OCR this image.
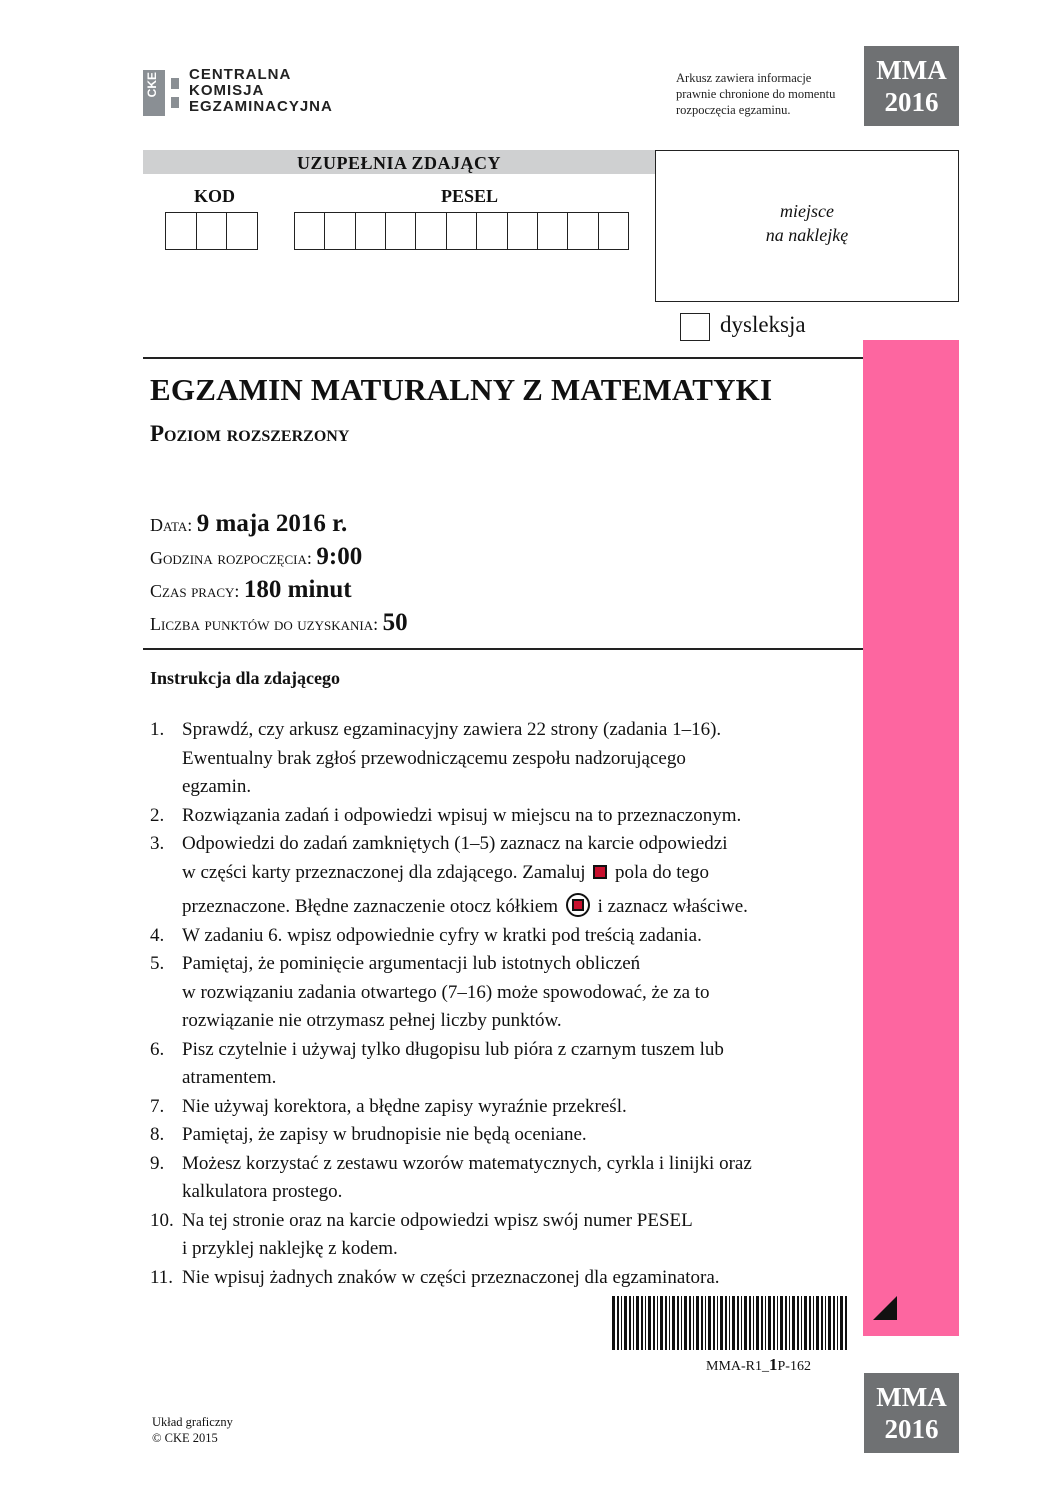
CKE CENTRALNA
KOMISJA
EGZAMINACYJNA
Arkusz zawiera informacje
prawnie chronione do momentu
rozpoczęcia egzaminu.
MMA
2016
UZUPEŁNIA ZDAJĄCY
KOD	PESEL
miejsce
na naklejkę
dysleksja
EGZAMIN MATURALNY Z MATEMATYKI
Poziom rozszerzony
Data: 9 maja 2016 r.
Godzina rozpoczęcia: 9:00
Czas pracy: 180 minut
Liczba punktów do uzyskania: 50
Instrukcja dla zdającego
1. Sprawdź, czy arkusz egzaminacyjny zawiera 22 strony (zadania 1–16).
Ewentualny brak zgłoś przewodniczącemu zespołu nadzorującego
egzamin.
2. Rozwiązania zadań i odpowiedzi wpisuj w miejscu na to przeznaczonym.
3. Odpowiedzi do zadań zamkniętych (1–5) zaznacz na karcie odpowiedzi
w części karty przeznaczonej dla zdającego. Zamaluj pola do tego
przeznaczone. Błędne zaznaczenie otocz kółkiem i zaznacz właściwe.
4. W zadaniu 6. wpisz odpowiednie cyfry w kratki pod treścią zadania.
5. Pamiętaj, że pominięcie argumentacji lub istotnych obliczeń
w rozwiązaniu zadania otwartego (7–16) może spowodować, że za to
rozwiązanie nie otrzymasz pełnej liczby punktów.
6. Pisz czytelnie i używaj tylko długopisu lub pióra z czarnym tuszem lub
atramentem.
7. Nie używaj korektora, a błędne zapisy wyraźnie przekreśl.
8. Pamiętaj, że zapisy w brudnopisie nie będą oceniane.
9. Możesz korzystać z zestawu wzorów matematycznych, cyrkla i linijki oraz
kalkulatora prostego.
10. Na tej stronie oraz na karcie odpowiedzi wpisz swój numer PESEL
i przyklej naklejkę z kodem.
11. Nie wpisuj żadnych znaków w części przeznaczonej dla egzaminatora.
MMA-R1_1P-162
MMA
2016
Układ graficzny
© CKE 2015
